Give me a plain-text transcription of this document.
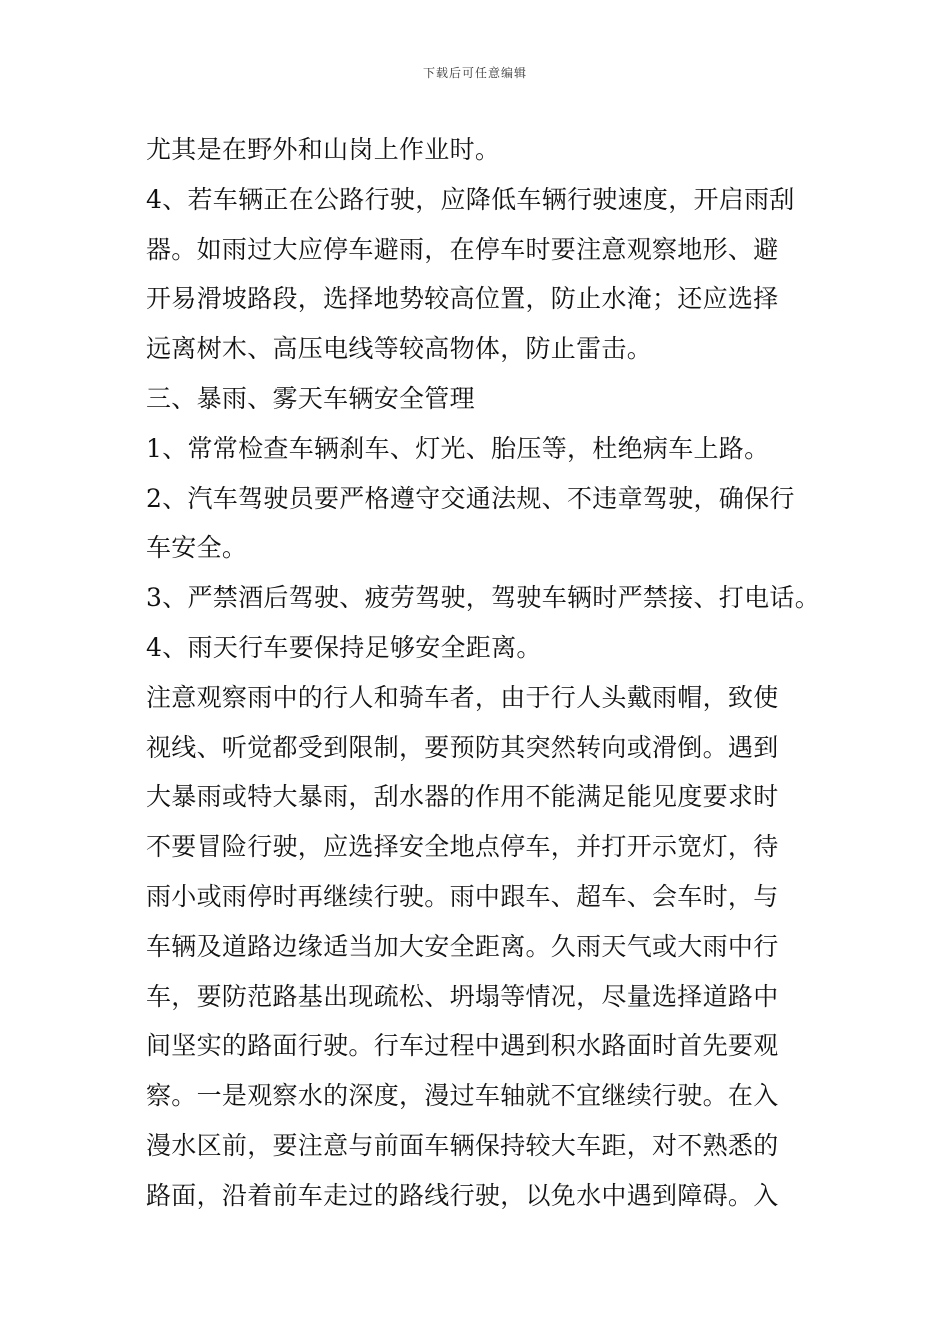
下载后可任意编辑
尤其是在野外和山岗上作业时。
4、若车辆正在公路行驶，应降低车辆行驶速度，开启雨刮
器。如雨过大应停车避雨，在停车时要注意观察地形、避
开易滑坡路段，选择地势较高位置，防止水淹；还应选择
远离树木、高压电线等较高物体，防止雷击。
三、暴雨、雾天车辆安全管理
1、常常检查车辆刹车、灯光、胎压等，杜绝病车上路。
2、汽车驾驶员要严格遵守交通法规、不违章驾驶，确保行
车安全。
3、严禁酒后驾驶、疲劳驾驶，驾驶车辆时严禁接、打电话。
4、雨天行车要保持足够安全距离。
注意观察雨中的行人和骑车者，由于行人头戴雨帽，致使
视线、听觉都受到限制，要预防其突然转向或滑倒。遇到
大暴雨或特大暴雨，刮水器的作用不能满足能见度要求时
不要冒险行驶，应选择安全地点停车，并打开示宽灯，待
雨小或雨停时再继续行驶。雨中跟车、超车、会车时，与
车辆及道路边缘适当加大安全距离。久雨天气或大雨中行
车，要防范路基出现疏松、坍塌等情况，尽量选择道路中
间坚实的路面行驶。行车过程中遇到积水路面时首先要观
察。一是观察水的深度，漫过车轴就不宜继续行驶。在入
漫水区前，要注意与前面车辆保持较大车距，对不熟悉的
路面，沿着前车走过的路线行驶，以免水中遇到障碍。入
